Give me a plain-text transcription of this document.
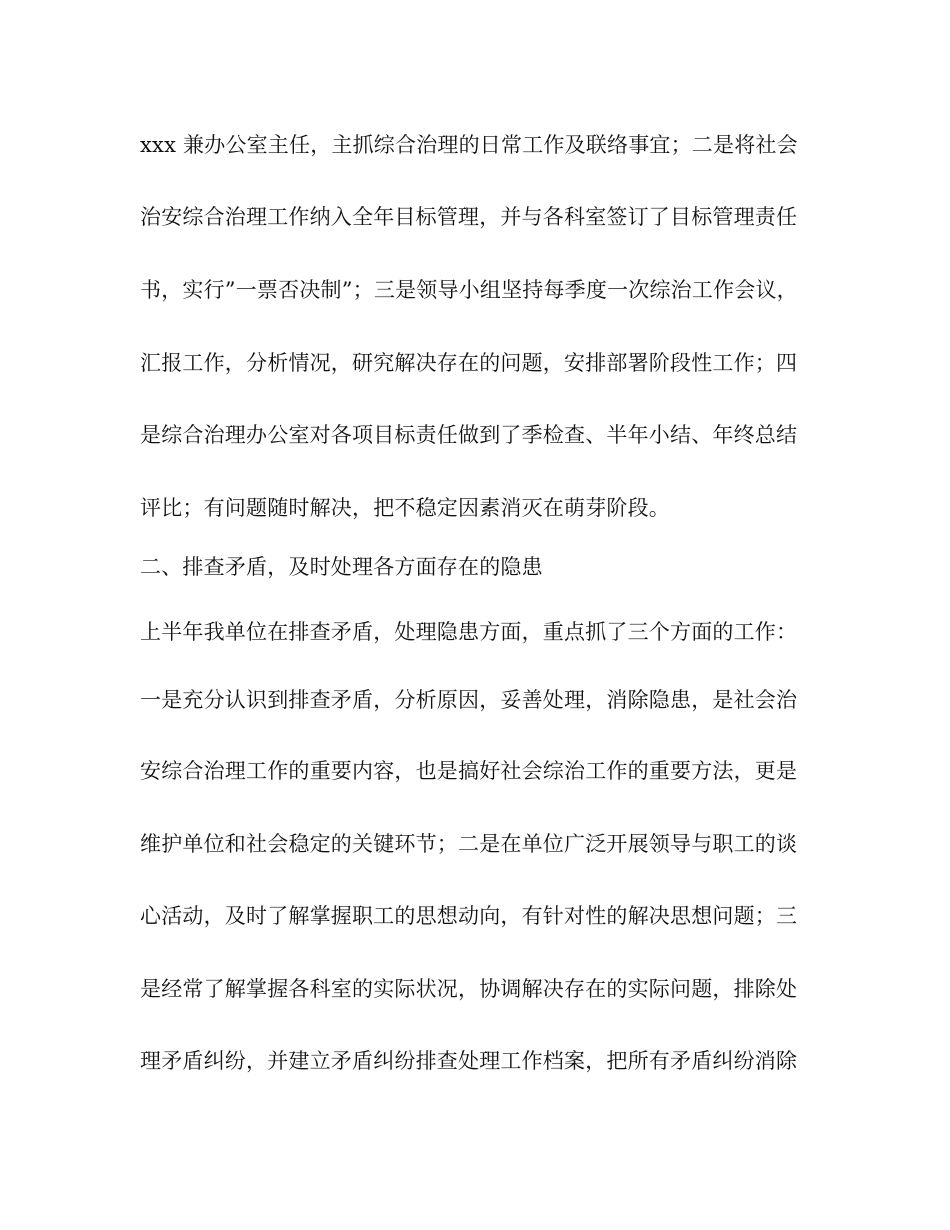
xxx 兼办公室主任，主抓综合治理的日常工作及联络事宜；二是将社会
治安综合治理工作纳入全年目标管理，并与各科室签订了目标管理责任
书，实行”一票否决制”；三是领导小组坚持每季度一次综治工作会议，
汇报工作，分析情况，研究解决存在的问题，安排部署阶段性工作；四
是综合治理办公室对各项目标责任做到了季检查、半年小结、年终总结
评比；有问题随时解决，把不稳定因素消灭在萌芽阶段。
二、排查矛盾，及时处理各方面存在的隐患
上半年我单位在排查矛盾，处理隐患方面，重点抓了三个方面的工作：
一是充分认识到排查矛盾，分析原因，妥善处理，消除隐患，是社会治
安综合治理工作的重要内容，也是搞好社会综治工作的重要方法，更是
维护单位和社会稳定的关键环节；二是在单位广泛开展领导与职工的谈
心活动，及时了解掌握职工的思想动向，有针对性的解决思想问题；三
是经常了解掌握各科室的实际状况，协调解决存在的实际问题，排除处
理矛盾纠纷，并建立矛盾纠纷排查处理工作档案，把所有矛盾纠纷消除
